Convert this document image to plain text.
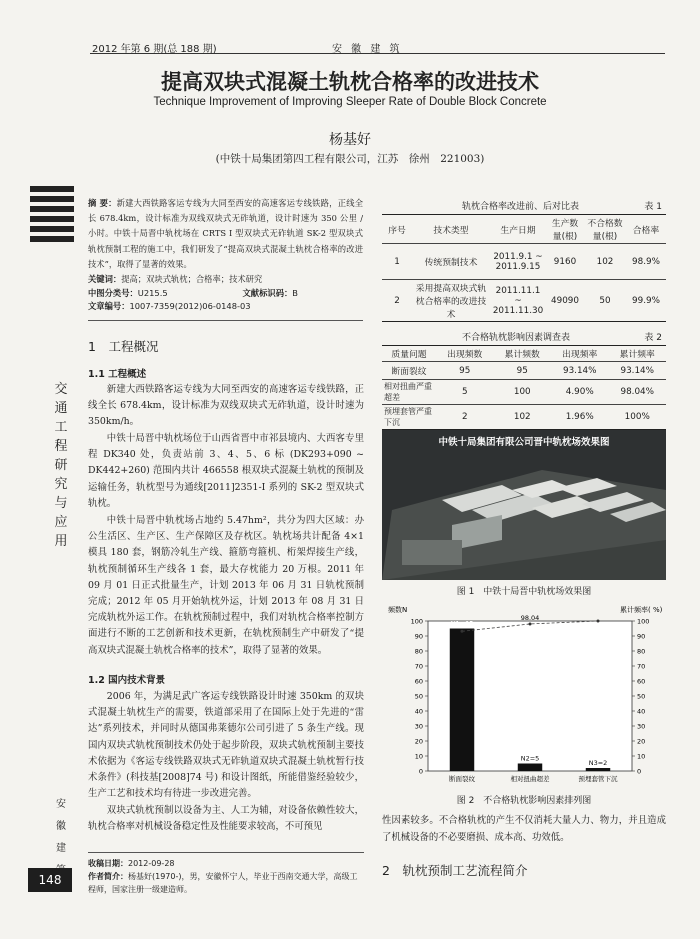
2012 年第 6 期(总 188 期)	安 徽 建 筑
提高双块式混凝土轨枕合格率的改进技术
Technique Improvement of Improving Sleeper Rate of Double Block Concrete
杨基好
(中铁十局集团第四工程有限公司，江苏　徐州　221003)
摘 要：新建大西铁路客运专线为大同至西安的高速客运专线铁路，正线全长 678.4km，设计标准为双线双块式无砟轨道，设计时速为 350 公里 / 小时。中铁十局晋中轨枕场在 CRTS I 型双块式无砟轨道 SK-2 型双块式轨枕预制工程的施工中，我们研发了“提高双块式混凝土轨枕合格率的改进技术”，取得了显著的效果。
关键词：提高；双块式轨枕；合格率；技术研究
中图分类号：U215.5	文献标识码：B
文章编号：1007-7359(2012)06-0148-03
1　工程概况
1.1 工程概述
新建大西铁路客运专线为大同至西安的高速客运专线铁路，正线全长 678.4km，设计标准为双线双块式无砟轨道，设计时速为 350km/h。
中铁十局晋中轨枕场位于山西省晋中市祁县境内、大西客专里程 DK340 处，负责站前 3、4、5、6 标 (DK293+090 ~ DK442+260) 范围内共计 466558 根双块式混凝土轨枕的预制及运输任务，轨枕型号为通线[2011]2351-I 系列的 SK-2 型双块式轨枕。
中铁十局晋中轨枕场占地约 5.47hm²，共分为四大区域：办公生活区、生产区、生产保障区及存枕区。轨枕场共计配备 4×1 模具 180 套，钢筋冷轧生产线、箍筋弯箍机、桁架焊接生产线，轨枕预制循环生产线各 1 套，最大存枕能力 20 万根。2011 年 09 月 01 日正式批量生产，计划 2013 年 06 月 31 日轨枕预制完成；2012 年 05 月开始轨枕外运，计划 2013 年 08 月 31 日完成轨枕外运工作。在轨枕预制过程中，我们对轨枕合格率控制方面进行不断的工艺创新和技术更新，在轨枕预制生产中研发了“提高双块式混凝土轨枕合格率的技术”，取得了显著的效果。
1.2 国内技术背景
2006 年，为满足武广客运专线铁路设计时速 350km 的双块式混凝土轨枕生产的需要，铁道部采用了在国际上处于先进的“雷达”系列技术，并同时从德国弗莱德尔公司引进了 5 条生产线。现国内双块式轨枕预制技术仍处于起步阶段，双块式轨枕预制主要技术依据为《客运专线铁路双块式无砟轨道双块式混凝土轨枕暂行技术条件》(科技基[2008]74 号) 和设计图纸，所能借鉴经验较少，生产工艺和技术均有待进一步改进完善。
双块式轨枕预制以设备为主、人工为辅，对设备依赖性较大，轨枕合格率对机械设备稳定性及性能要求较高，不可预见
交
通
工
程
研
究
与
应
用
安
徽
建
148
收稿日期：2012-09-28
作者简介：杨基好(1970-)，男，安徽怀宁人，毕业于西南交通大学，高级工程师，国家注册一级建造师。
轨枕合格率改进前、后对比表	表 1
序号	技术类型	生产日期	生产数量(根)	不合格数量(根)	合格率
1	传统预制技术	2011.9.1 ~ 2011.9.15	9160	102	98.9%
2	采用提高双块式轨枕合格率的改进技术	2011.11.1 ~ 2011.11.30	49090	50	99.9%
不合格轨枕影响因素调查表	表 2
质量问题	出现频数	累计频数	出现频率	累计频率
断面裂纹	95	95	93.14%	93.14%
相对扭曲严重超差	5	100	4.90%	98.04%
预埋套管严重下沉	2	102	1.96%	100%
中铁十局集团有限公司晋中轨枕场效果图
图 1　中铁十局晋中轨枕场效果图
频数N	累计频率( %)
100	100
90	90
80	80
70	70
60	60
50	50
40	40
30	30
20	20
10	10
0	0
N1=95
断面裂纹
N2=5
相对扭曲超差
N3=2
预埋套管下沉
98.04
图 2　不合格轨枕影响因素排列图
性因素较多。不合格轨枕的产生不仅消耗大量人力、物力，并且造成了机械设备的不必要磨损、成本高、功效低。
2　轨枕预制工艺流程简介
